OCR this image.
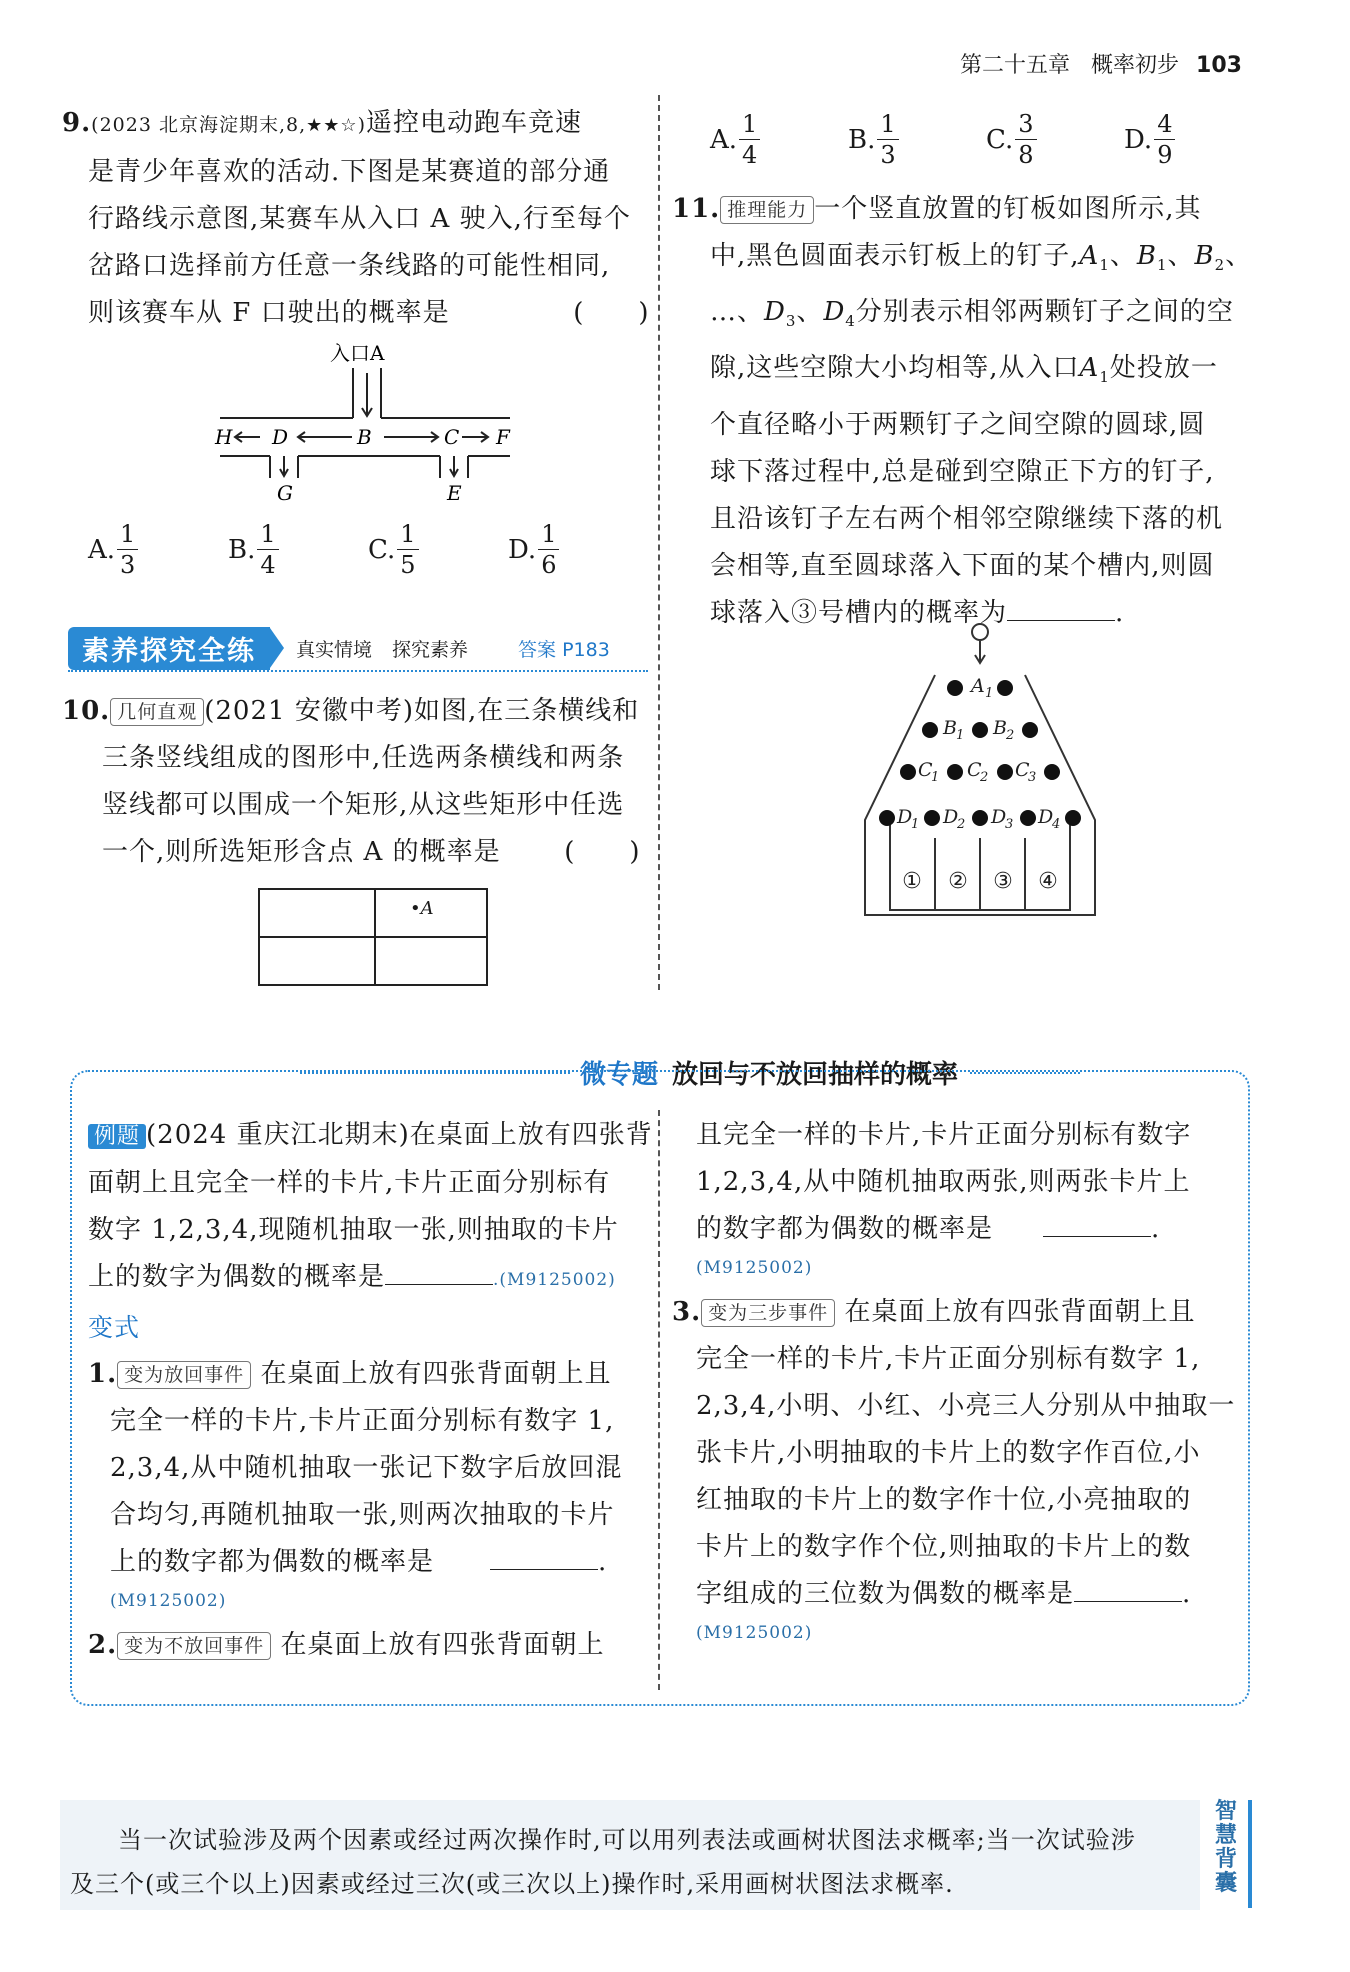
第二十五章 概率初步 103
9.(2023 北京海淀期末,8,★★☆)遥控电动跑车竞速
是青少年喜欢的活动.下图是某赛道的部分通
行路线示意图,某赛车从入口 A 驶入,行至每个
岔路口选择前方任意一条线路的可能性相同,
则该赛车从 F 口驶出的概率是	(　　)
入口A
H D	B	C F
G	E
A. $\frac{1}{3}$	B. $\frac{1}{4}$	C. $\frac{1}{5}$	D. $\frac{1}{6}$
A. $\frac{1}{4}$	B. $\frac{1}{3}$	C. $\frac{3}{8}$	D. $\frac{4}{9}$
素养探究全练	真实情境 探究素养	答案 P183
10. 几何直观 (2021 安徽中考)如图,在三条横线和
三条竖线组成的图形中,任选两条横线和两条
竖线都可以围成一个矩形,从这些矩形中任选
一个,则所选矩形含点 A 的概率是 (　　)
•A
11. 推理能力 一个竖直放置的钉板如图所示,其
中,黑色圆面表示钉板上的钉子$,A_1$、$B_1$、$B_2$、
…、$D_3$、$D_4$分别表示相邻两颗钉子之间的空
隙,这些空隙大小均相等,从入口$A_1$处投放一
个直径略小于两颗钉子之间空隙的圆球,圆
球下落过程中,总是碰到空隙正下方的钉子,
且沿该钉子左右两个相邻空隙继续下落的机
会相等,直至圆球落入下面的某个槽内,则圆
球落入③号槽内的概率为	.
A
B B
C C C
D D D D
1
1	2
1	2	3
1	2	3	4
① ② ③ ④
微专题 放回与不放回抽样的概率
例题 (2024 重庆江北期末)在桌面上放有四张背
面朝上且完全一样的卡片,卡片正面分别标有
数字 1,2,3,4,现随机抽取一张,则抽取的卡片
上的数字为偶数的概率是	.(M9125002)
变式
1. 变为放回事件 在桌面上放有四张背面朝上且
完全一样的卡片,卡片正面分别标有数字 1,
2,3,4,从中随机抽取一张记下数字后放回混
合均匀,再随机抽取一张,则两次抽取的卡片
上的数字都为偶数的概率是	.
(M9125002)
2. 变为不放回事件 在桌面上放有四张背面朝上
且完全一样的卡片,卡片正面分别标有数字
1,2,3,4,从中随机抽取两张,则两张卡片上
的数字都为偶数的概率是	.
(M9125002)
3. 变为三步事件 在桌面上放有四张背面朝上且
完全一样的卡片,卡片正面分别标有数字 1,
2,3,4,小明、小红、小亮三人分别从中抽取一
张卡片,小明抽取的卡片上的数字作百位,小
红抽取的卡片上的数字作十位,小亮抽取的
卡片上的数字作个位,则抽取的卡片上的数
字组成的三位数为偶数的概率是	.
(M9125002)
当一次试验涉及两个因素或经过两次操作时,可以用列表法或画树状图法求概率;当一次试验涉
及三个(或三个以上)因素或经过三次(或三次以上)操作时,采用画树状图法求概率.
智慧背囊
